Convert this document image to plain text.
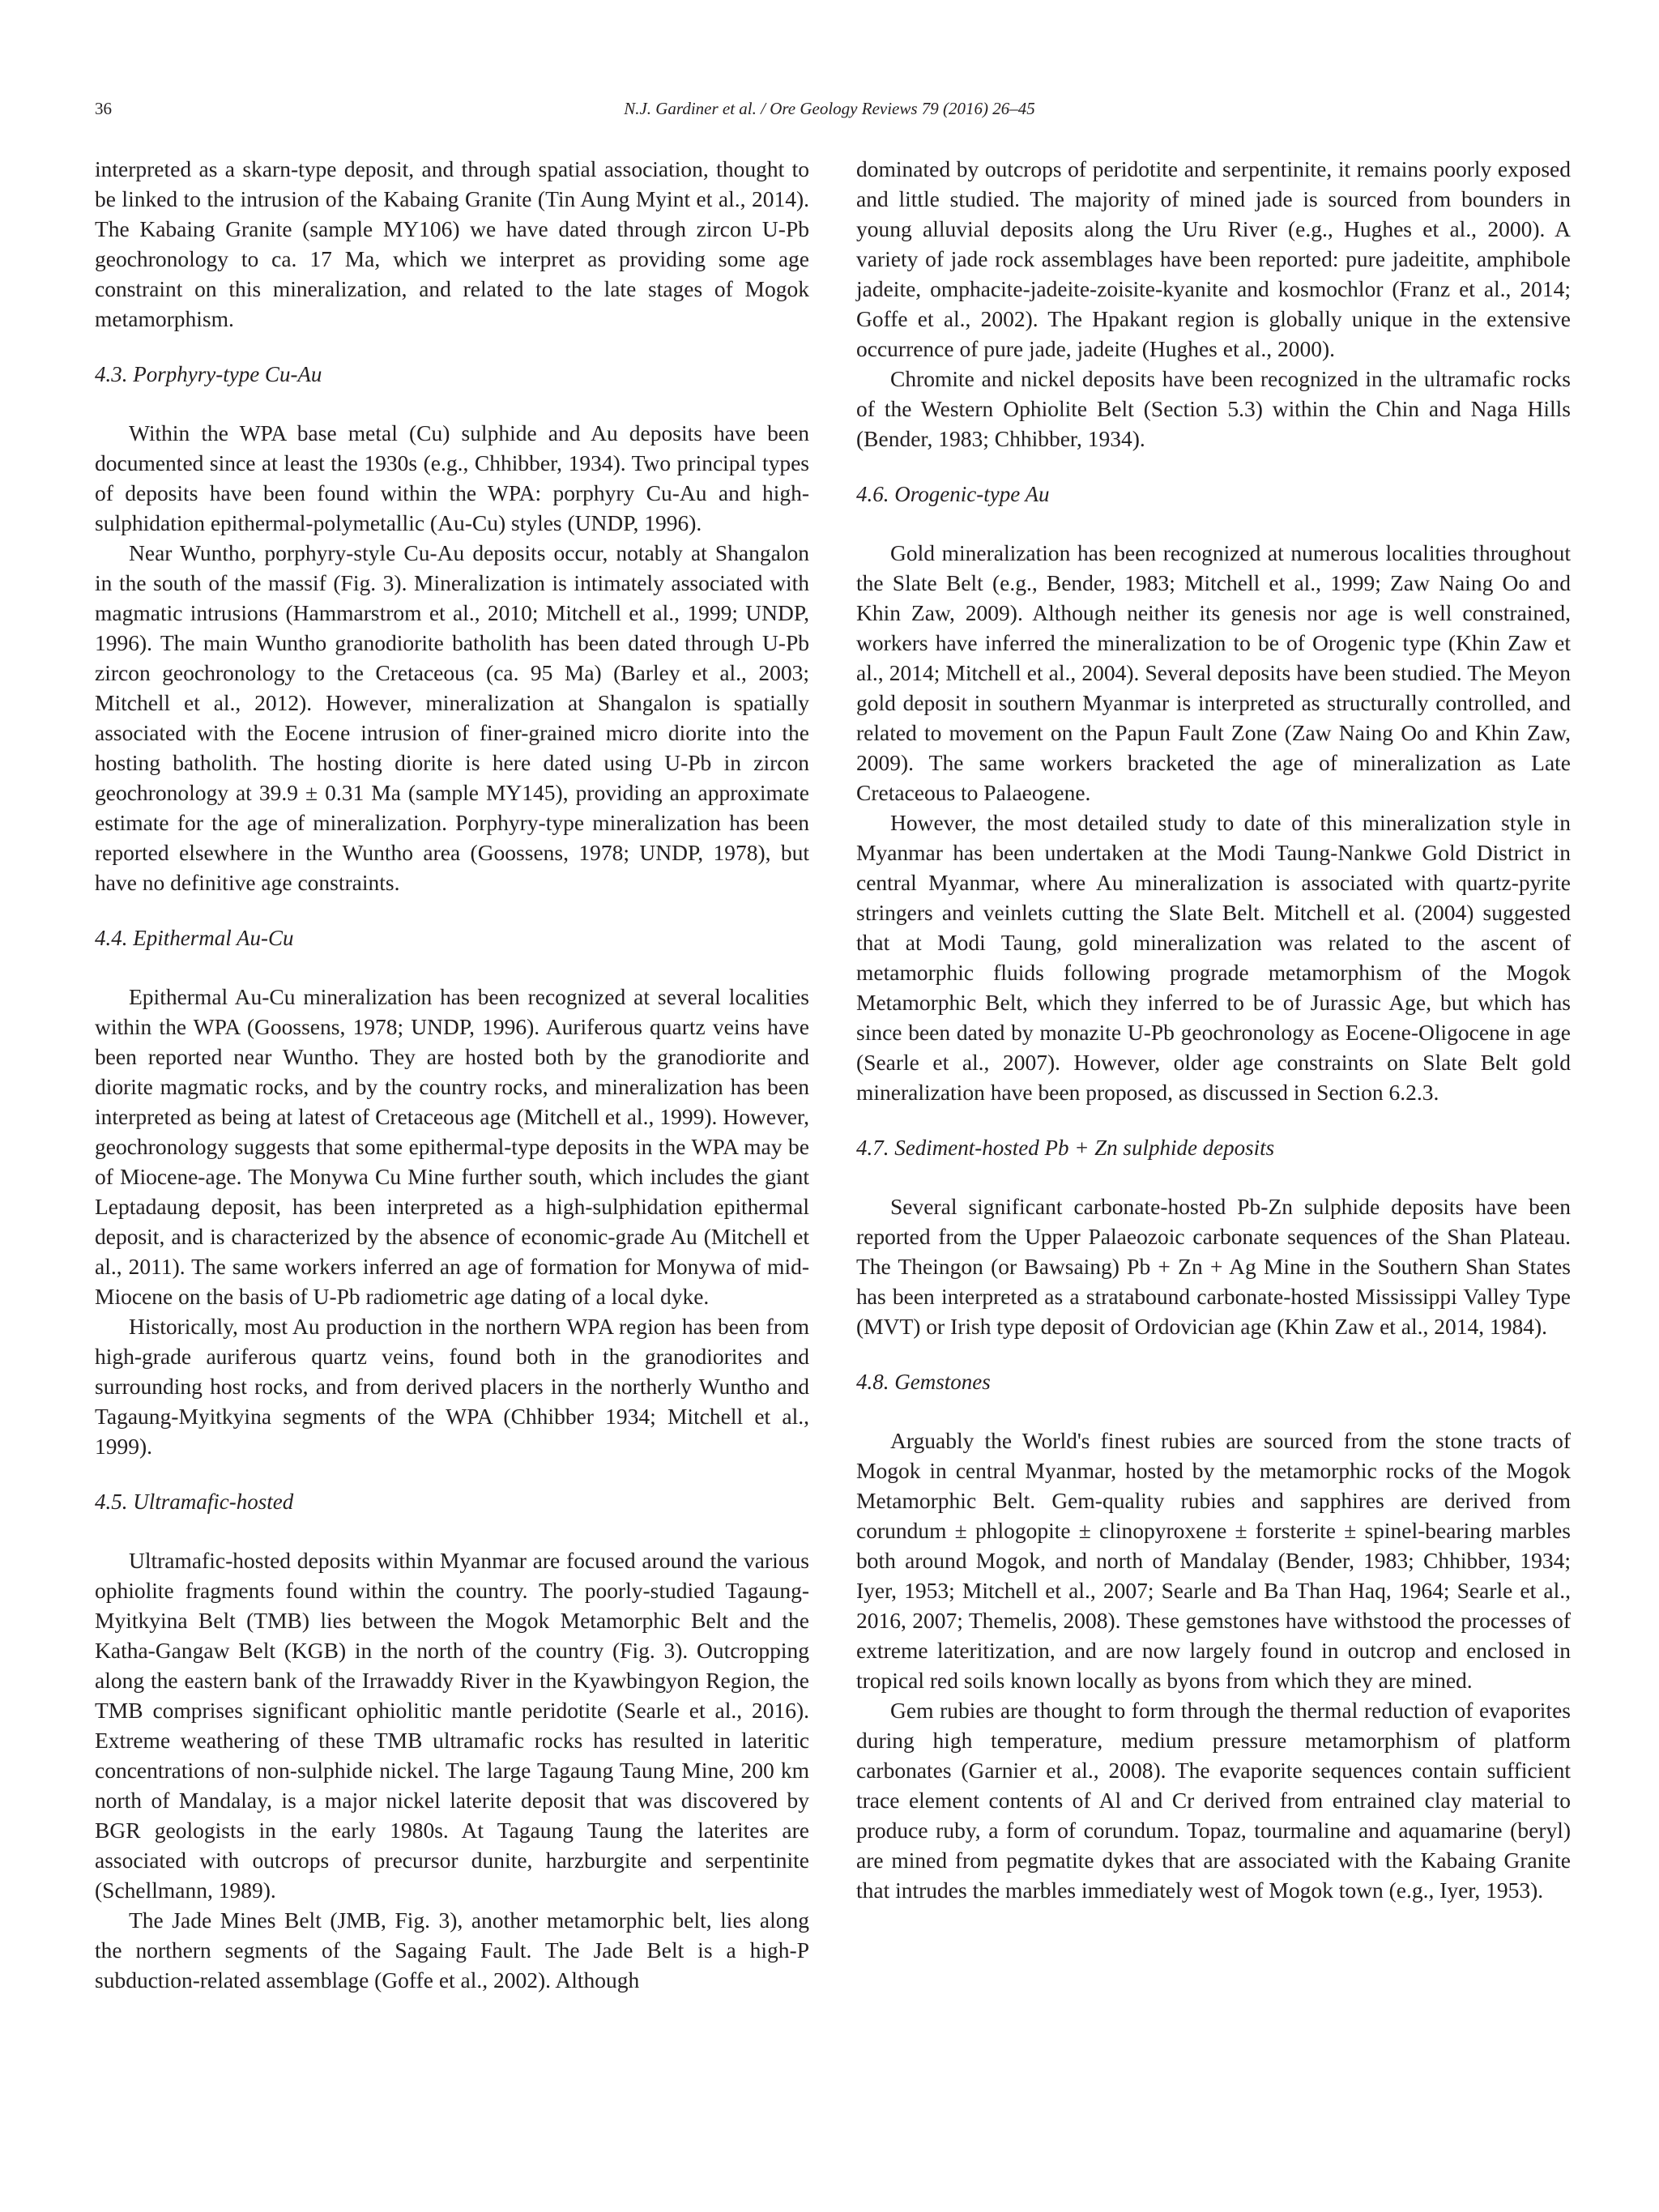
36	N.J. Gardiner et al. / Ore Geology Reviews 79 (2016) 26–45

interpreted as a skarn-type deposit, and through spatial association, thought to be linked to the intrusion of the Kabaing Granite (Tin Aung Myint et al., 2014). The Kabaing Granite (sample MY106) we have dated through zircon U-Pb geochronology to ca. 17 Ma, which we interpret as providing some age constraint on this mineralization, and related to the late stages of Mogok metamorphism.

4.3. Porphyry-type Cu-Au

Within the WPA base metal (Cu) sulphide and Au deposits have been documented since at least the 1930s (e.g., Chhibber, 1934). Two principal types of deposits have been found within the WPA: porphyry Cu-Au and high-sulphidation epithermal-polymetallic (Au-Cu) styles (UNDP, 1996).

Near Wuntho, porphyry-style Cu-Au deposits occur, notably at Shangalon in the south of the massif (Fig. 3). Mineralization is intimately associated with magmatic intrusions (Hammarstrom et al., 2010; Mitchell et al., 1999; UNDP, 1996). The main Wuntho granodiorite batholith has been dated through U-Pb zircon geochronology to the Cretaceous (ca. 95 Ma) (Barley et al., 2003; Mitchell et al., 2012). However, mineralization at Shangalon is spatially associated with the Eocene intrusion of finer-grained micro diorite into the hosting batholith. The hosting diorite is here dated using U-Pb in zircon geochronology at 39.9 ± 0.31 Ma (sample MY145), providing an approximate estimate for the age of mineralization. Porphyry-type mineralization has been reported elsewhere in the Wuntho area (Goossens, 1978; UNDP, 1978), but have no definitive age constraints.

4.4. Epithermal Au-Cu

Epithermal Au-Cu mineralization has been recognized at several localities within the WPA (Goossens, 1978; UNDP, 1996). Auriferous quartz veins have been reported near Wuntho. They are hosted both by the granodiorite and diorite magmatic rocks, and by the country rocks, and mineralization has been interpreted as being at latest of Cretaceous age (Mitchell et al., 1999). However, geochronology suggests that some epithermal-type deposits in the WPA may be of Miocene-age. The Monywa Cu Mine further south, which includes the giant Leptadaung deposit, has been interpreted as a high-sulphidation epithermal deposit, and is characterized by the absence of economic-grade Au (Mitchell et al., 2011). The same workers inferred an age of formation for Monywa of mid-Miocene on the basis of U-Pb radiometric age dating of a local dyke.

Historically, most Au production in the northern WPA region has been from high-grade auriferous quartz veins, found both in the granodiorites and surrounding host rocks, and from derived placers in the northerly Wuntho and Tagaung-Myitkyina segments of the WPA (Chhibber 1934; Mitchell et al., 1999).

4.5. Ultramafic-hosted

Ultramafic-hosted deposits within Myanmar are focused around the various ophiolite fragments found within the country. The poorly-studied Tagaung-Myitkyina Belt (TMB) lies between the Mogok Metamorphic Belt and the Katha-Gangaw Belt (KGB) in the north of the country (Fig. 3). Outcropping along the eastern bank of the Irrawaddy River in the Kyawbingyon Region, the TMB comprises significant ophiolitic mantle peridotite (Searle et al., 2016). Extreme weathering of these TMB ultramafic rocks has resulted in lateritic concentrations of non-sulphide nickel. The large Tagaung Taung Mine, 200 km north of Mandalay, is a major nickel laterite deposit that was discovered by BGR geologists in the early 1980s. At Tagaung Taung the laterites are associated with outcrops of precursor dunite, harzburgite and serpentinite (Schellmann, 1989).

The Jade Mines Belt (JMB, Fig. 3), another metamorphic belt, lies along the northern segments of the Sagaing Fault. The Jade Belt is a high-P subduction-related assemblage (Goffe et al., 2002). Although

dominated by outcrops of peridotite and serpentinite, it remains poorly exposed and little studied. The majority of mined jade is sourced from bounders in young alluvial deposits along the Uru River (e.g., Hughes et al., 2000). A variety of jade rock assemblages have been reported: pure jadeitite, amphibole jadeite, omphacite-jadeite-zoisite-kyanite and kosmochlor (Franz et al., 2014; Goffe et al., 2002). The Hpakant region is globally unique in the extensive occurrence of pure jade, jadeite (Hughes et al., 2000).

Chromite and nickel deposits have been recognized in the ultramafic rocks of the Western Ophiolite Belt (Section 5.3) within the Chin and Naga Hills (Bender, 1983; Chhibber, 1934).

4.6. Orogenic-type Au

Gold mineralization has been recognized at numerous localities throughout the Slate Belt (e.g., Bender, 1983; Mitchell et al., 1999; Zaw Naing Oo and Khin Zaw, 2009). Although neither its genesis nor age is well constrained, workers have inferred the mineralization to be of Orogenic type (Khin Zaw et al., 2014; Mitchell et al., 2004). Several deposits have been studied. The Meyon gold deposit in southern Myanmar is interpreted as structurally controlled, and related to movement on the Papun Fault Zone (Zaw Naing Oo and Khin Zaw, 2009). The same workers bracketed the age of mineralization as Late Cretaceous to Palaeogene.

However, the most detailed study to date of this mineralization style in Myanmar has been undertaken at the Modi Taung-Nankwe Gold District in central Myanmar, where Au mineralization is associated with quartz-pyrite stringers and veinlets cutting the Slate Belt. Mitchell et al. (2004) suggested that at Modi Taung, gold mineralization was related to the ascent of metamorphic fluids following prograde metamorphism of the Mogok Metamorphic Belt, which they inferred to be of Jurassic Age, but which has since been dated by monazite U-Pb geochronology as Eocene-Oligocene in age (Searle et al., 2007). However, older age constraints on Slate Belt gold mineralization have been proposed, as discussed in Section 6.2.3.

4.7. Sediment-hosted Pb + Zn sulphide deposits

Several significant carbonate-hosted Pb-Zn sulphide deposits have been reported from the Upper Palaeozoic carbonate sequences of the Shan Plateau. The Theingon (or Bawsaing) Pb + Zn + Ag Mine in the Southern Shan States has been interpreted as a stratabound carbonate-hosted Mississippi Valley Type (MVT) or Irish type deposit of Ordovician age (Khin Zaw et al., 2014, 1984).

4.8. Gemstones

Arguably the World's finest rubies are sourced from the stone tracts of Mogok in central Myanmar, hosted by the metamorphic rocks of the Mogok Metamorphic Belt. Gem-quality rubies and sapphires are derived from corundum ± phlogopite ± clinopyroxene ± forsterite ± spinel-bearing marbles both around Mogok, and north of Mandalay (Bender, 1983; Chhibber, 1934; Iyer, 1953; Mitchell et al., 2007; Searle and Ba Than Haq, 1964; Searle et al., 2016, 2007; Themelis, 2008). These gemstones have withstood the processes of extreme lateritization, and are now largely found in outcrop and enclosed in tropical red soils known locally as byons from which they are mined.

Gem rubies are thought to form through the thermal reduction of evaporites during high temperature, medium pressure metamorphism of platform carbonates (Garnier et al., 2008). The evaporite sequences contain sufficient trace element contents of Al and Cr derived from entrained clay material to produce ruby, a form of corundum. Topaz, tourmaline and aquamarine (beryl) are mined from pegmatite dykes that are associated with the Kabaing Granite that intrudes the marbles immediately west of Mogok town (e.g., Iyer, 1953).
